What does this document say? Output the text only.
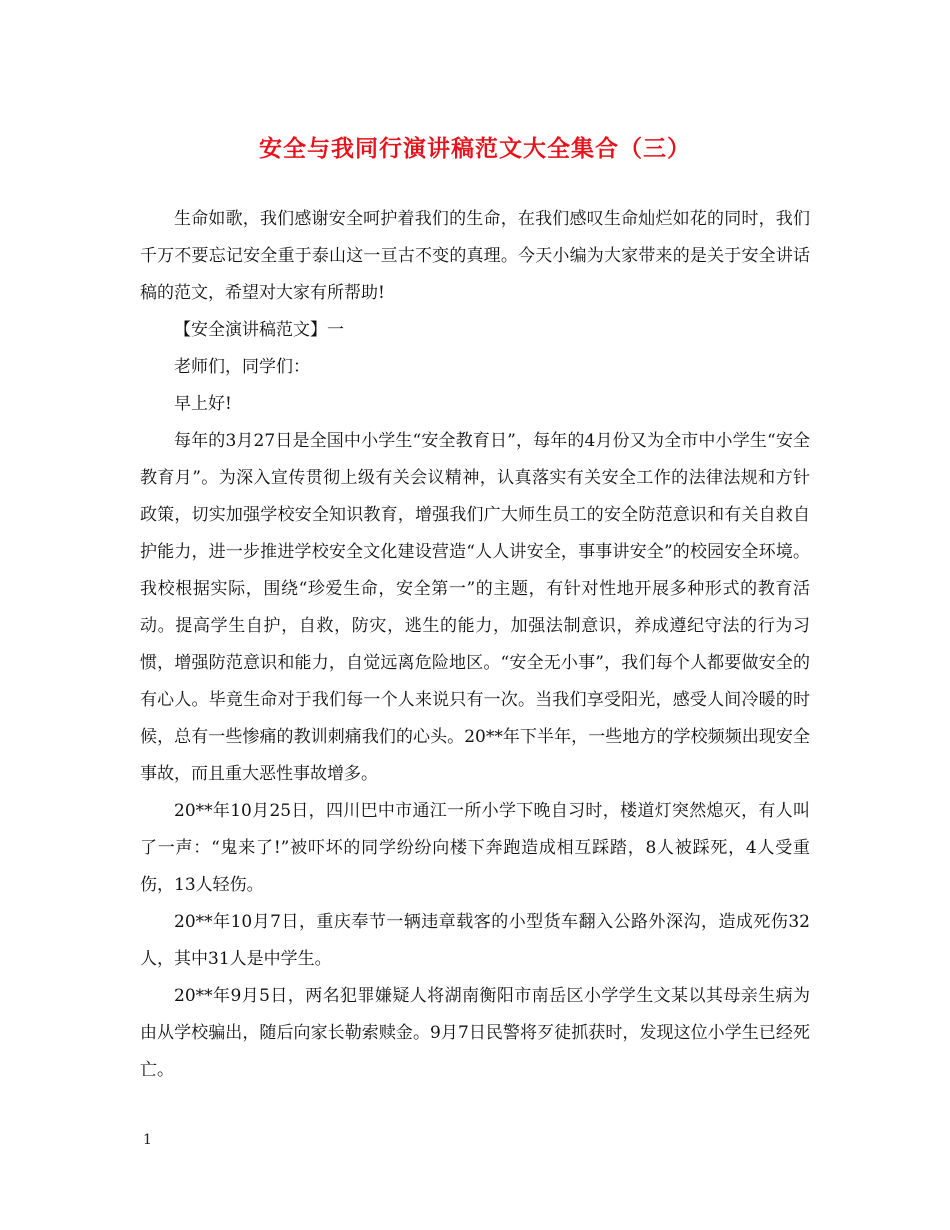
安全与我同行演讲稿范文大全集合（三）

生命如歌，我们感谢安全呵护着我们的生命，在我们感叹生命灿烂如花的同时，我们千万不要忘记安全重于泰山这一亘古不变的真理。今天小编为大家带来的是关于安全讲话稿的范文，希望对大家有所帮助!

【安全演讲稿范文】一

老师们，同学们：

早上好!

每年的3月27日是全国中小学生“安全教育日”，每年的4月份又为全市中小学生“安全教育月”。为深入宣传贯彻上级有关会议精神，认真落实有关安全工作的法律法规和方针政策，切实加强学校安全知识教育，增强我们广大师生员工的安全防范意识和有关自救自护能力，进一步推进学校安全文化建设营造“人人讲安全，事事讲安全”的校园安全环境。我校根据实际，围绕“珍爱生命，安全第一”的主题，有针对性地开展多种形式的教育活动。提高学生自护，自救，防灾，逃生的能力，加强法制意识，养成遵纪守法的行为习惯，增强防范意识和能力，自觉远离危险地区。“安全无小事”，我们每个人都要做安全的有心人。毕竟生命对于我们每一个人来说只有一次。当我们享受阳光，感受人间冷暖的时候，总有一些惨痛的教训刺痛我们的心头。20**年下半年，一些地方的学校频频出现安全事故，而且重大恶性事故增多。

20**年10月25日，四川巴中市通江一所小学下晚自习时，楼道灯突然熄灭，有人叫了一声：“鬼来了!”被吓坏的同学纷纷向楼下奔跑造成相互踩踏，8人被踩死，4人受重伤，13人轻伤。

20**年10月7日，重庆奉节一辆违章载客的小型货车翻入公路外深沟，造成死伤32人，其中31人是中学生。

20**年9月5日，两名犯罪嫌疑人将湖南衡阳市南岳区小学学生文某以其母亲生病为由从学校骗出，随后向家长勒索赎金。9月7日民警将歹徒抓获时，发现这位小学生已经死亡。

1
